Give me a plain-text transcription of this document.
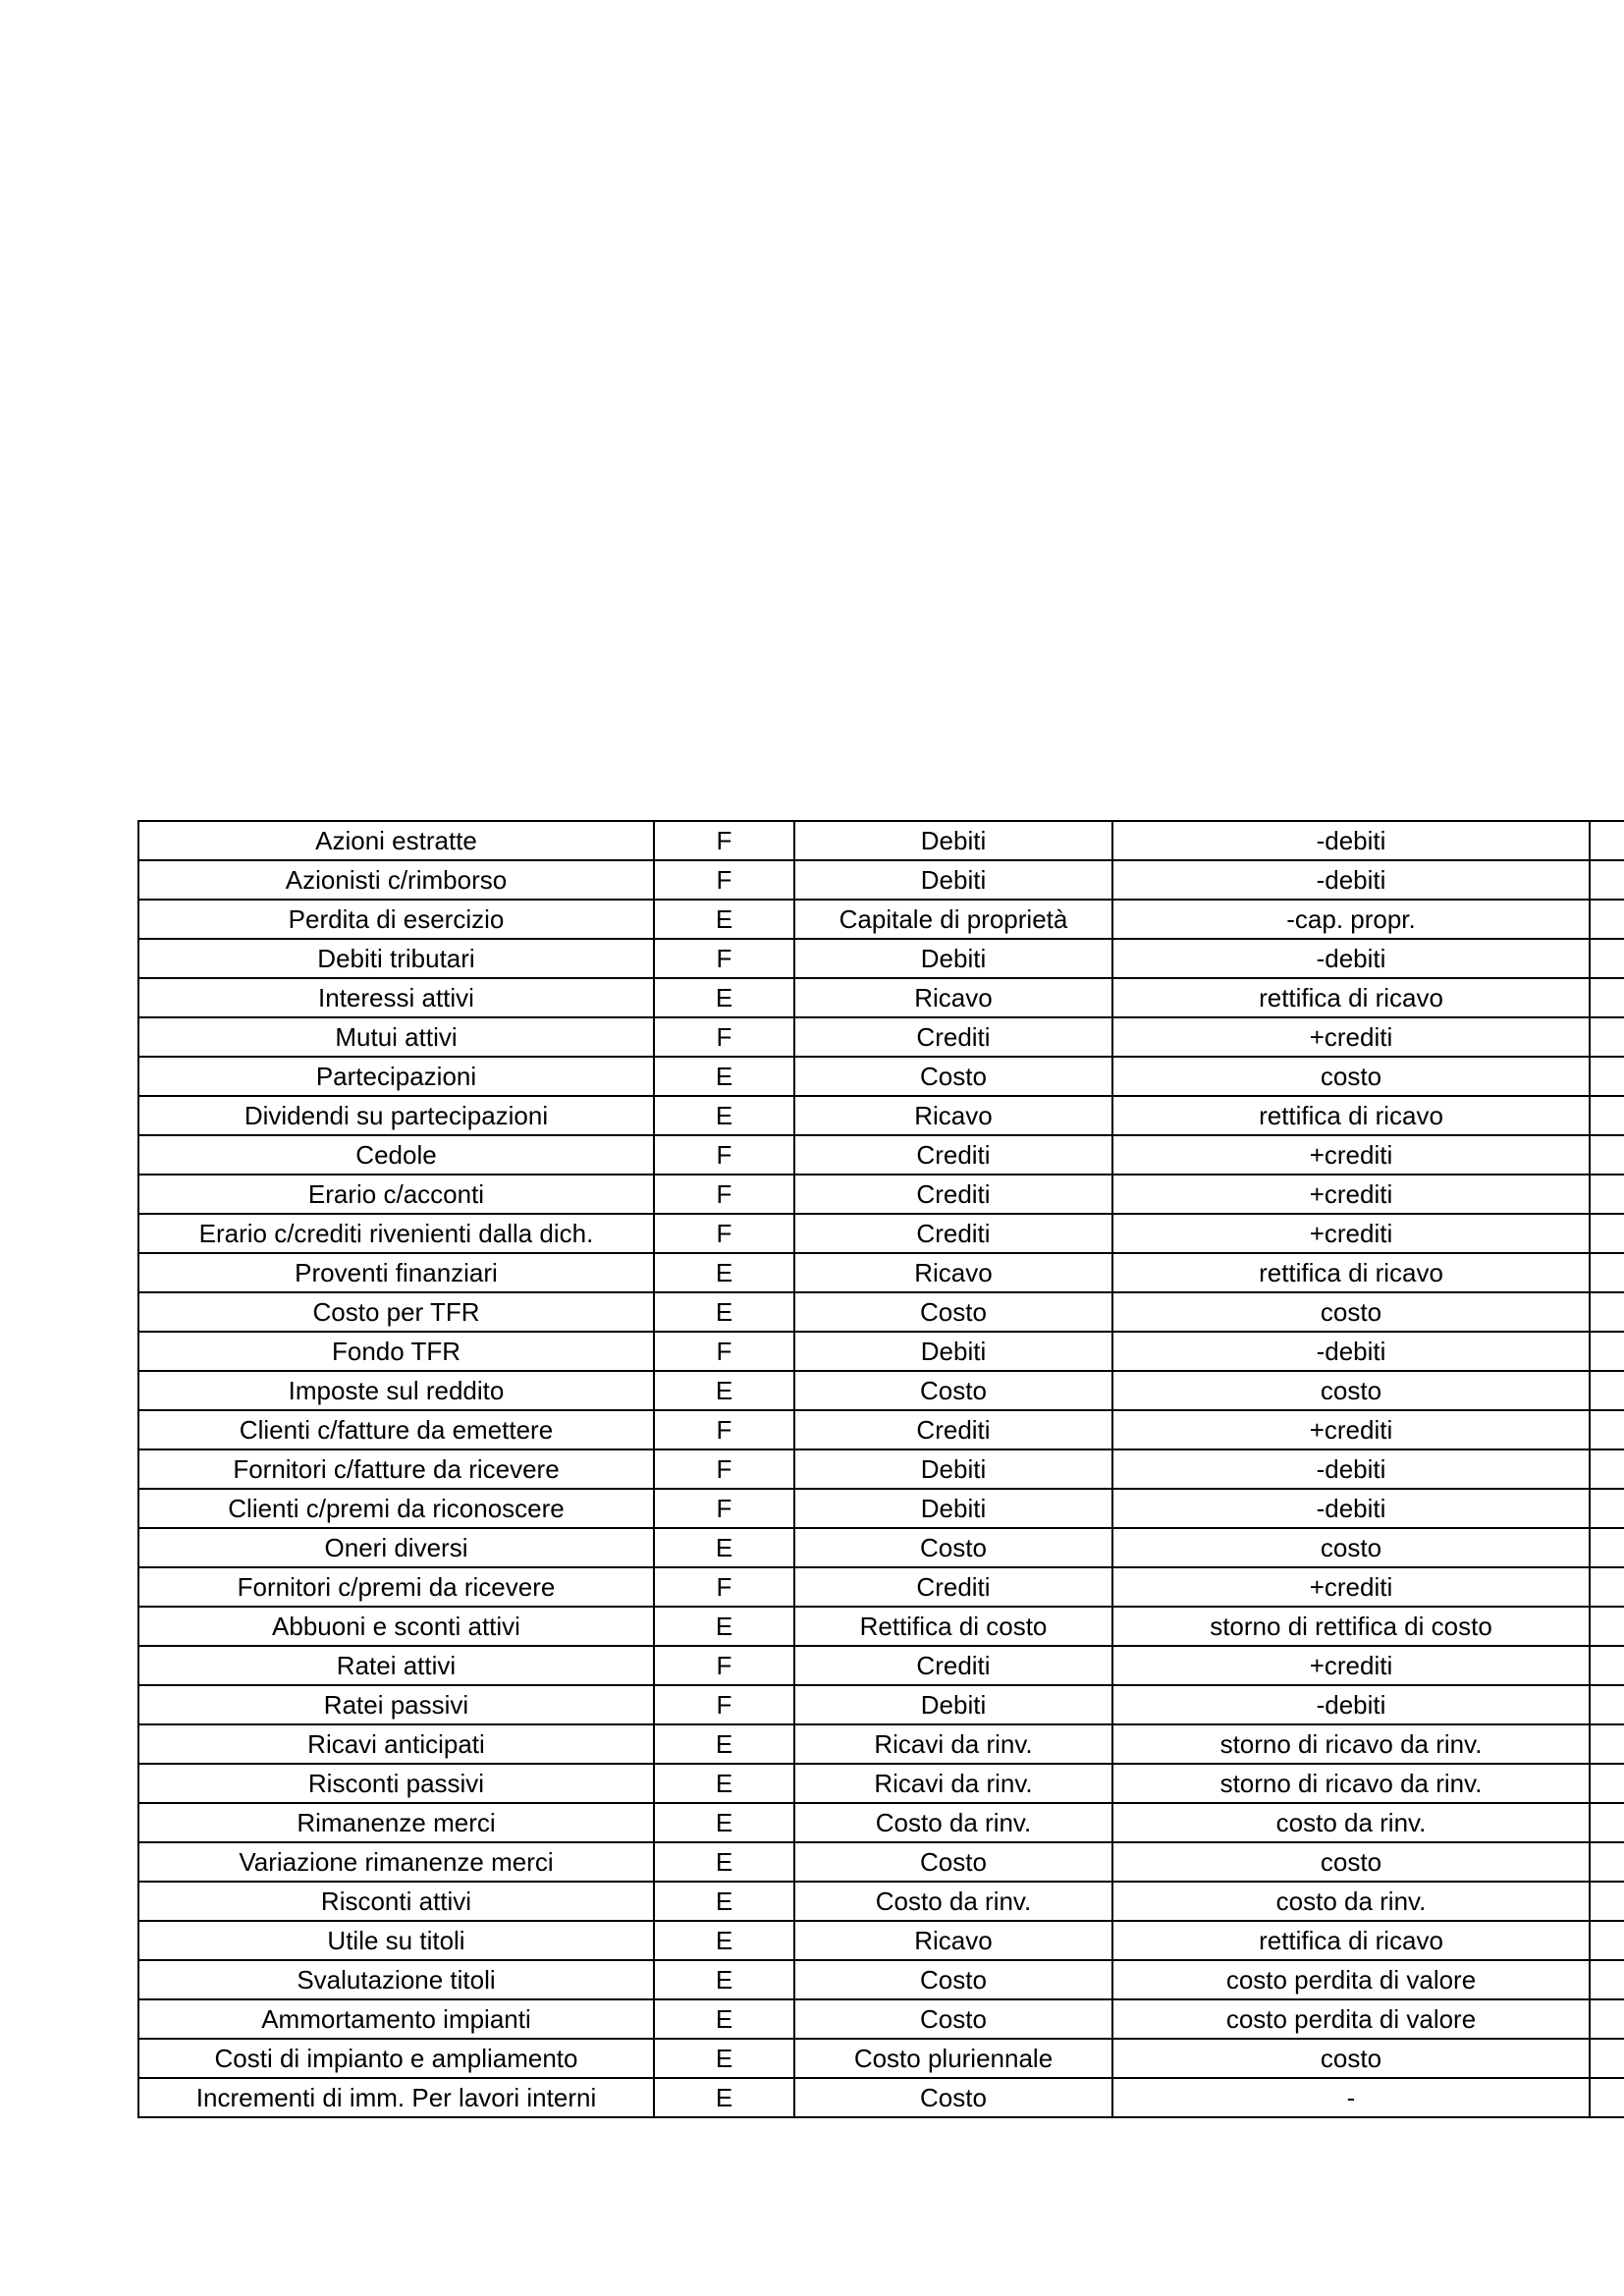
Azioni estratte	F	Debiti	-debiti	
Azionisti c/rimborso	F	Debiti	-debiti	
Perdita di esercizio	E	Capitale di proprietà	-cap. propr.	
Debiti tributari	F	Debiti	-debiti	
Interessi attivi	E	Ricavo	rettifica di ricavo	
Mutui attivi	F	Crediti	+crediti	
Partecipazioni	E	Costo	costo	
Dividendi su partecipazioni	E	Ricavo	rettifica di ricavo	
Cedole	F	Crediti	+crediti	
Erario c/acconti	F	Crediti	+crediti	
Erario c/crediti rivenienti dalla dich.	F	Crediti	+crediti	
Proventi finanziari	E	Ricavo	rettifica di ricavo	
Costo per TFR	E	Costo	costo	
Fondo TFR	F	Debiti	-debiti	
Imposte sul reddito	E	Costo	costo	
Clienti c/fatture da emettere	F	Crediti	+crediti	
Fornitori c/fatture da ricevere	F	Debiti	-debiti	
Clienti c/premi da riconoscere	F	Debiti	-debiti	
Oneri diversi	E	Costo	costo	
Fornitori c/premi da ricevere	F	Crediti	+crediti	
Abbuoni e sconti attivi	E	Rettifica di costo	storno di rettifica di costo	
Ratei attivi	F	Crediti	+crediti	
Ratei passivi	F	Debiti	-debiti	
Ricavi anticipati	E	Ricavi da rinv.	storno di ricavo da rinv.	
Risconti passivi	E	Ricavi da rinv.	storno di ricavo da rinv.	
Rimanenze merci	E	Costo da rinv.	costo da rinv.	
Variazione rimanenze merci	E	Costo	costo	
Risconti attivi	E	Costo da rinv.	costo da rinv.	
Utile su titoli	E	Ricavo	rettifica di ricavo	
Svalutazione titoli	E	Costo	costo perdita di valore	
Ammortamento impianti	E	Costo	costo perdita di valore	
Costi di impianto e ampliamento	E	Costo pluriennale	costo	
Incrementi di imm. Per lavori interni	E	Costo	-	
